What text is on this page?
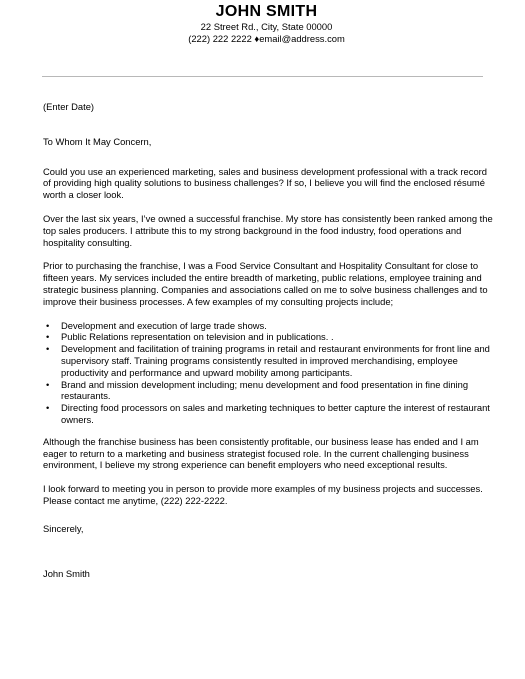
JOHN SMITH
22 Street Rd., City, State 00000
(222) 222 2222 ♦email@address.com

(Enter Date)

To Whom It May Concern,

Could you use an experienced marketing, sales and business development professional with a track record of providing high quality solutions to business challenges? If so, I believe you will find the enclosed résumé worth a closer look.

Over the last six years, I’ve owned a successful franchise. My store has consistently been ranked among the top sales producers. I attribute this to my strong background in the food industry, food operations and hospitality consulting.

Prior to purchasing the franchise, I was a Food Service Consultant and Hospitality Consultant for close to fifteen years. My services included the entire breadth of marketing, public relations, employee training and strategic business planning. Companies and associations called on me to solve business challenges and to improve their business processes. A few examples of my consulting projects include;

• Development and execution of large trade shows.
• Public Relations representation on television and in publications. .
• Development and facilitation of training programs in retail and restaurant environments for front line and supervisory staff. Training programs consistently resulted in improved merchandising, employee productivity and performance and upward mobility among participants.
• Brand and mission development including; menu development and food presentation in fine dining restaurants.
• Directing food processors on sales and marketing techniques to better capture the interest of restaurant owners.

Although the franchise business has been consistently profitable, our business lease has ended and I am eager to return to a marketing and business strategist focused role. In the current challenging business environment, I believe my strong experience can benefit employers who need exceptional results.

I look forward to meeting you in person to provide more examples of my business projects and successes. Please contact me anytime, (222) 222-2222.

Sincerely,

John Smith
